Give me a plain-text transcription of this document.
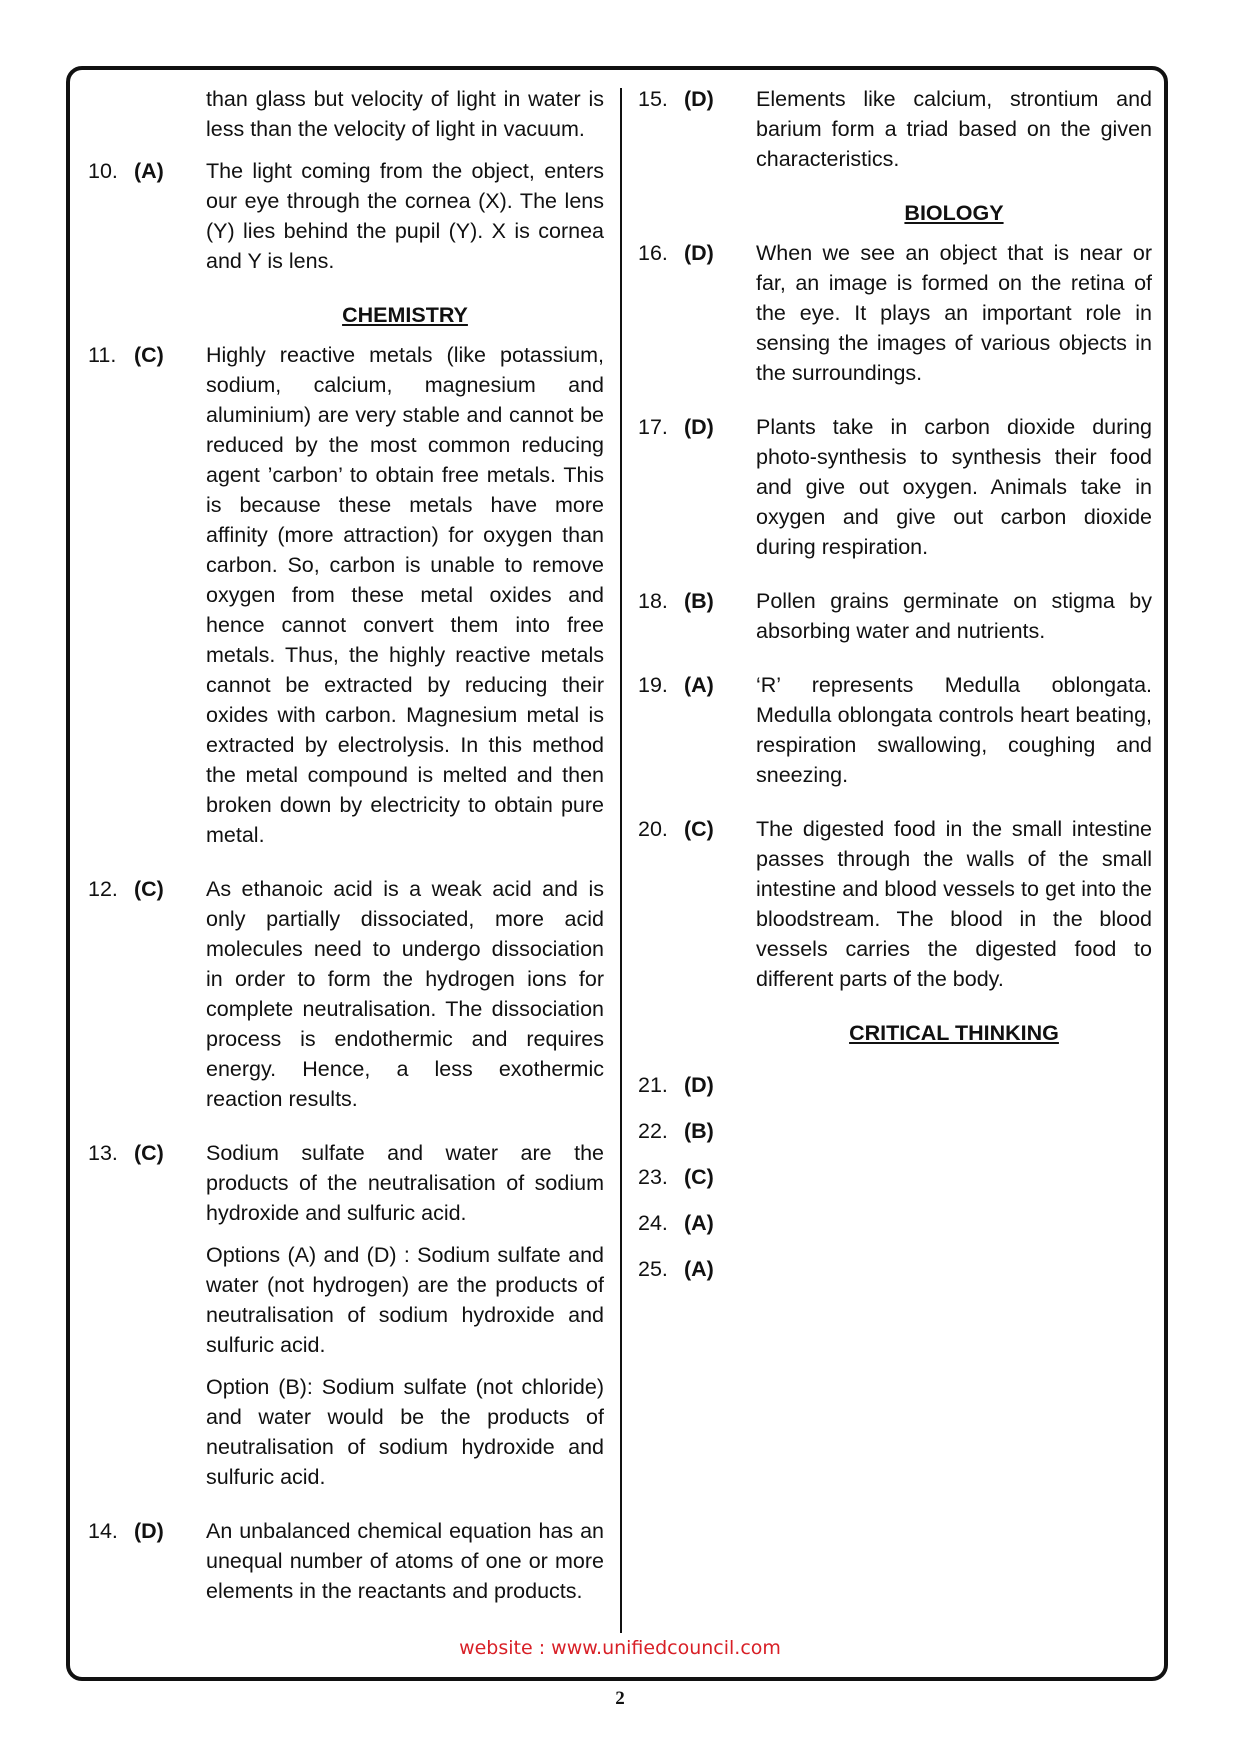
than glass but velocity of light in water is less than the velocity of light in vacuum.

10. (A)	The light coming from the object, enters our eye through the cornea (X). The lens (Y) lies behind the pupil (Y). X is cornea and Y is lens.

CHEMISTRY
11. (C)	Highly reactive metals (like potassium, sodium, calcium, magnesium and aluminium) are very stable and cannot be reduced by the most common reducing agent ’carbon’ to obtain free metals. This is because these metals have more affinity (more attraction) for oxygen than carbon. So, carbon is unable to remove oxygen from these metal oxides and hence cannot convert them into free metals. Thus, the highly reactive metals cannot be extracted by reducing their oxides with carbon. Magnesium metal is extracted by electrolysis. In this method the metal compound is melted and then broken down by electricity to obtain pure metal.

12. (C)	As ethanoic acid is a weak acid and is only partially dissociated, more acid molecules need to undergo dissociation in order to form the hydrogen ions for complete neutralisation. The dissociation process is endothermic and requires energy. Hence, a less exothermic reaction results.

13. (C)	Sodium sulfate and water are the products of the neutralisation of sodium hydroxide and sulfuric acid.

Options (A) and (D) : Sodium sulfate and water (not hydrogen) are the products of neutralisation of sodium hydroxide and sulfuric acid.

Option (B): Sodium sulfate (not chloride) and water would be the products of neutralisation of sodium hydroxide and sulfuric acid.

14. (D)	An unbalanced chemical equation has an unequal number of atoms of one or more elements in the reactants and products.

15. (D)	Elements like calcium, strontium and barium form a triad based on the given characteristics.

BIOLOGY
16. (D)	When we see an object that is near or far, an image is formed on the retina of the eye. It plays an important role in sensing the images of various objects in the surroundings.

17. (D)	Plants take in carbon dioxide during photo-synthesis to synthesis their food and give out oxygen. Animals take in oxygen and give out carbon dioxide during respiration.

18. (B)	Pollen grains germinate on stigma by absorbing water and nutrients.

19. (A)	‘R’ represents Medulla oblongata. Medulla oblongata controls heart beating, respiration swallowing, coughing and sneezing.

20. (C)	The digested food in the small intestine passes through the walls of the small intestine and blood vessels to get into the bloodstream. The blood in the blood vessels carries the digested food to different parts of the body.

CRITICAL THINKING
21. (D)
22. (B)
23. (C)
24. (A)
25. (A)
website : www.unifiedcouncil.com
2
